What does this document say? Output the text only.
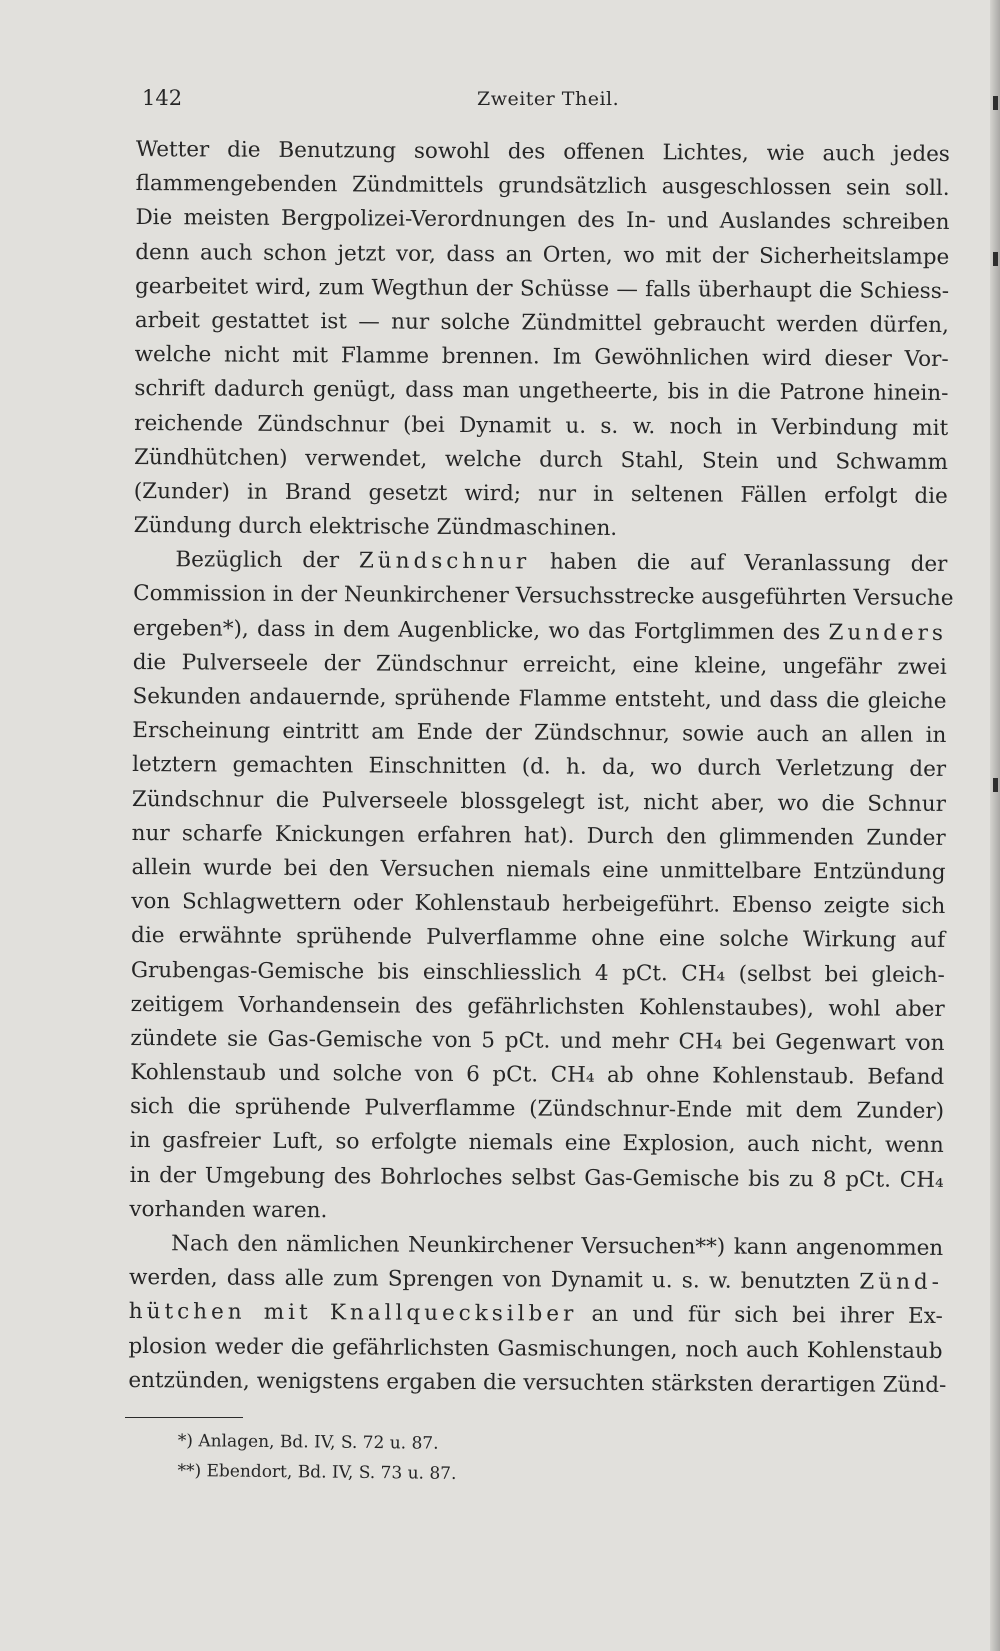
142	Zweiter Theil.
Wetter die Benutzung sowohl des offenen Lichtes, wie auch jedes
flammengebenden Zündmittels grundsätzlich ausgeschlossen sein soll.
Die meisten Bergpolizei-Verordnungen des In- und Auslandes schreiben
denn auch schon jetzt vor, dass an Orten, wo mit der Sicherheitslampe
gearbeitet wird, zum Wegthun der Schüsse — falls überhaupt die Schiess-
arbeit gestattet ist — nur solche Zündmittel gebraucht werden dürfen,
welche nicht mit Flamme brennen. Im Gewöhnlichen wird dieser Vor-
schrift dadurch genügt, dass man ungetheerte, bis in die Patrone hinein-
reichende Zündschnur (bei Dynamit u. s. w. noch in Verbindung mit
Zündhütchen) verwendet, welche durch Stahl, Stein und Schwamm
(Zunder) in Brand gesetzt wird; nur in seltenen Fällen erfolgt die
Zündung durch elektrische Zündmaschinen.
Bezüglich der Zündschnur haben die auf Veranlassung der
Commission in der Neunkirchener Versuchsstrecke ausgeführten Versuche
ergeben*), dass in dem Augenblicke, wo das Fortglimmen des Zunders
die Pulverseele der Zündschnur erreicht, eine kleine, ungefähr zwei
Sekunden andauernde, sprühende Flamme entsteht, und dass die gleiche
Erscheinung eintritt am Ende der Zündschnur, sowie auch an allen in
letztern gemachten Einschnitten (d. h. da, wo durch Verletzung der
Zündschnur die Pulverseele blossgelegt ist, nicht aber, wo die Schnur
nur scharfe Knickungen erfahren hat). Durch den glimmenden Zunder
allein wurde bei den Versuchen niemals eine unmittelbare Entzündung
von Schlagwettern oder Kohlenstaub herbeigeführt. Ebenso zeigte sich
die erwähnte sprühende Pulverflamme ohne eine solche Wirkung auf
Grubengas-Gemische bis einschliesslich 4 pCt. CH₄ (selbst bei gleich-
zeitigem Vorhandensein des gefährlichsten Kohlenstaubes), wohl aber
zündete sie Gas-Gemische von 5 pCt. und mehr CH₄ bei Gegenwart von
Kohlenstaub und solche von 6 pCt. CH₄ ab ohne Kohlenstaub. Befand
sich die sprühende Pulverflamme (Zündschnur-Ende mit dem Zunder)
in gasfreier Luft, so erfolgte niemals eine Explosion, auch nicht, wenn
in der Umgebung des Bohrloches selbst Gas-Gemische bis zu 8 pCt. CH₄
vorhanden waren.
Nach den nämlichen Neunkirchener Versuchen**) kann angenommen
werden, dass alle zum Sprengen von Dynamit u. s. w. benutzten Zünd-
hütchen mit Knallquecksilber an und für sich bei ihrer Ex-
plosion weder die gefährlichsten Gasmischungen, noch auch Kohlenstaub
entzünden, wenigstens ergaben die versuchten stärksten derartigen Zünd-
*) Anlagen, Bd. IV, S. 72 u. 87.
**) Ebendort, Bd. IV, S. 73 u. 87.
